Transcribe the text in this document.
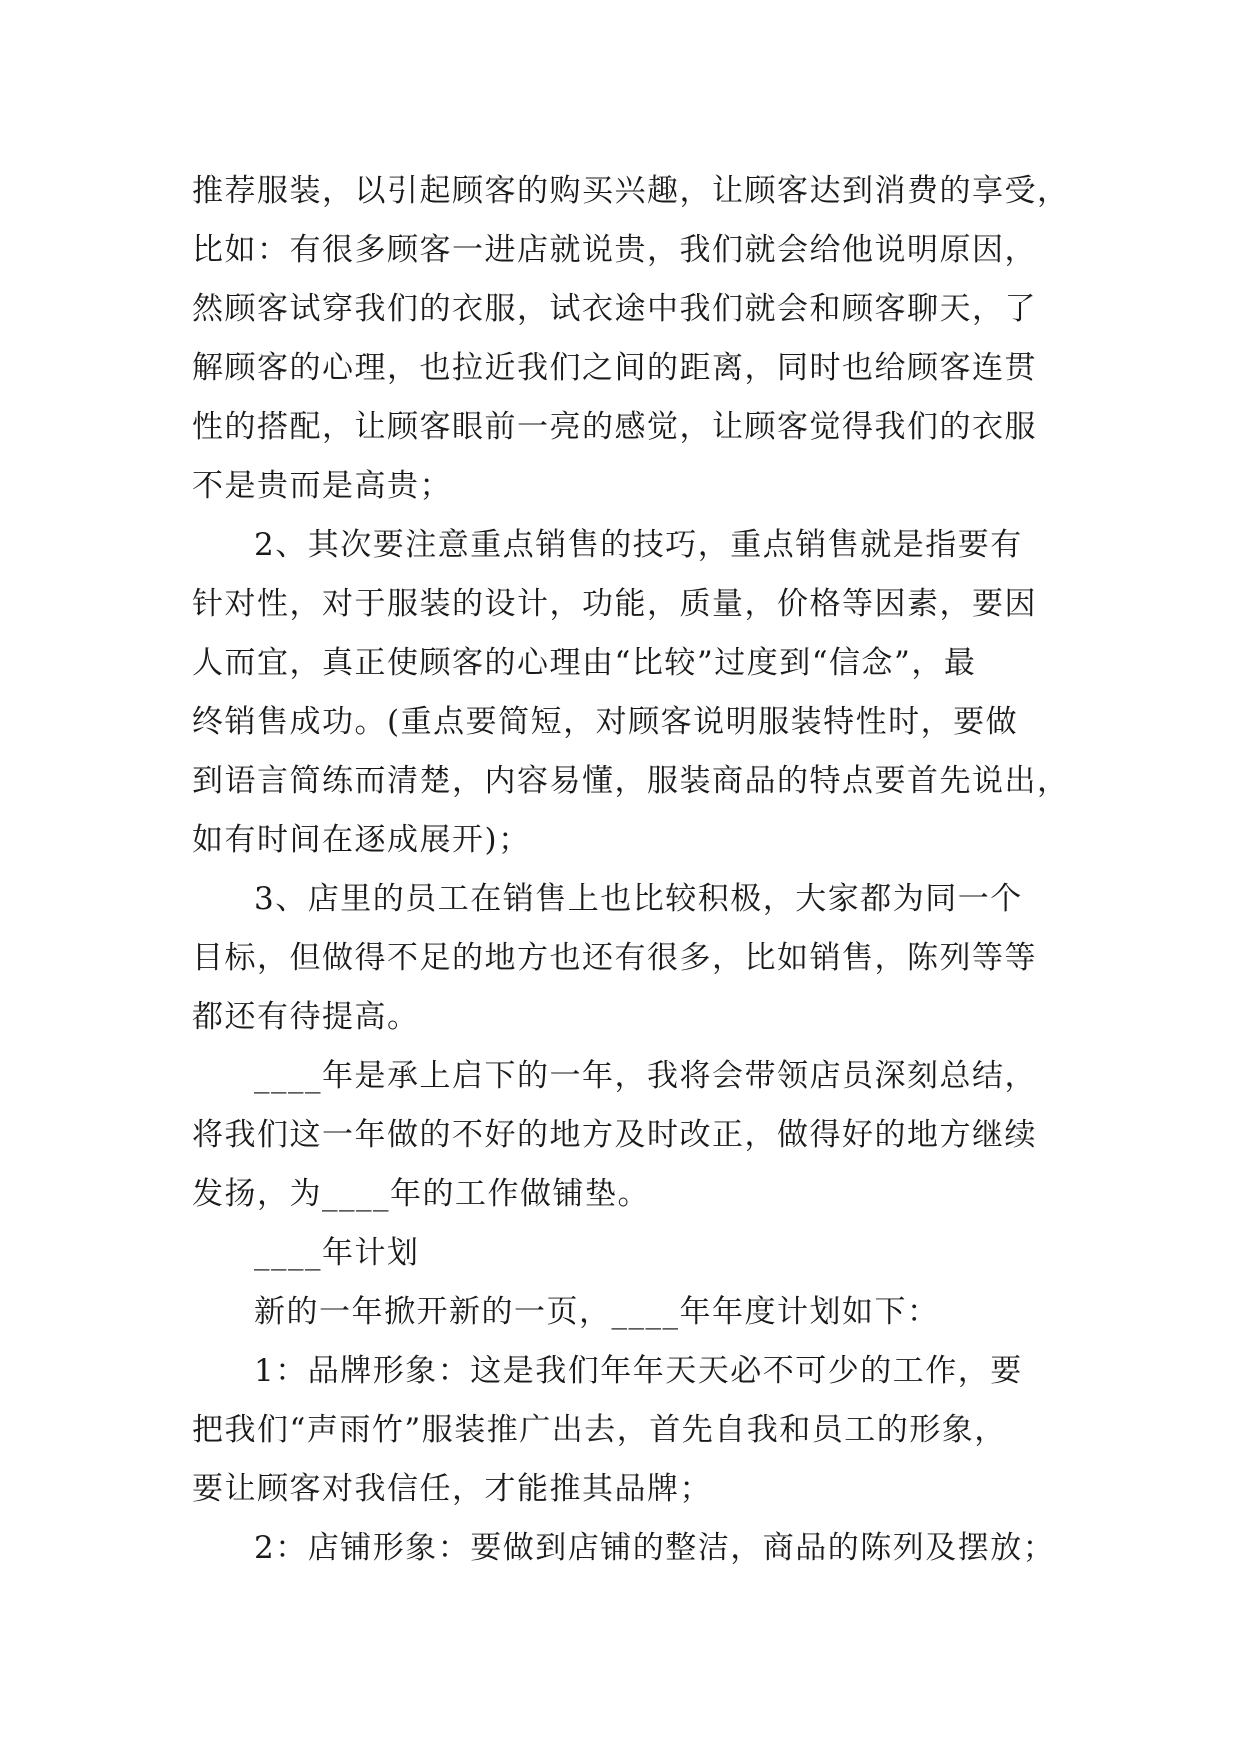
推荐服装，以引起顾客的购买兴趣，让顾客达到消费的享受，
比如：有很多顾客一进店就说贵，我们就会给他说明原因，
然顾客试穿我们的衣服，试衣途中我们就会和顾客聊天，了
解顾客的心理，也拉近我们之间的距离，同时也给顾客连贯
性的搭配，让顾客眼前一亮的感觉，让顾客觉得我们的衣服
不是贵而是高贵；
2、其次要注意重点销售的技巧，重点销售就是指要有
针对性，对于服装的设计，功能，质量，价格等因素，要因
人而宜，真正使顾客的心理由“比较”过度到“信念”，最
终销售成功。(重点要简短，对顾客说明服装特性时，要做
到语言简练而清楚，内容易懂，服装商品的特点要首先说出，
如有时间在逐成展开)；
3、店里的员工在销售上也比较积极，大家都为同一个
目标，但做得不足的地方也还有很多，比如销售，陈列等等
都还有待提高。
____年是承上启下的一年，我将会带领店员深刻总结，
将我们这一年做的不好的地方及时改正，做得好的地方继续
发扬，为____年的工作做铺垫。
____年计划
新的一年掀开新的一页，____年年度计划如下：
1：品牌形象：这是我们年年天天必不可少的工作，要
把我们“声雨竹”服装推广出去，首先自我和员工的形象，
要让顾客对我信任，才能推其品牌；
2：店铺形象：要做到店铺的整洁，商品的陈列及摆放；
